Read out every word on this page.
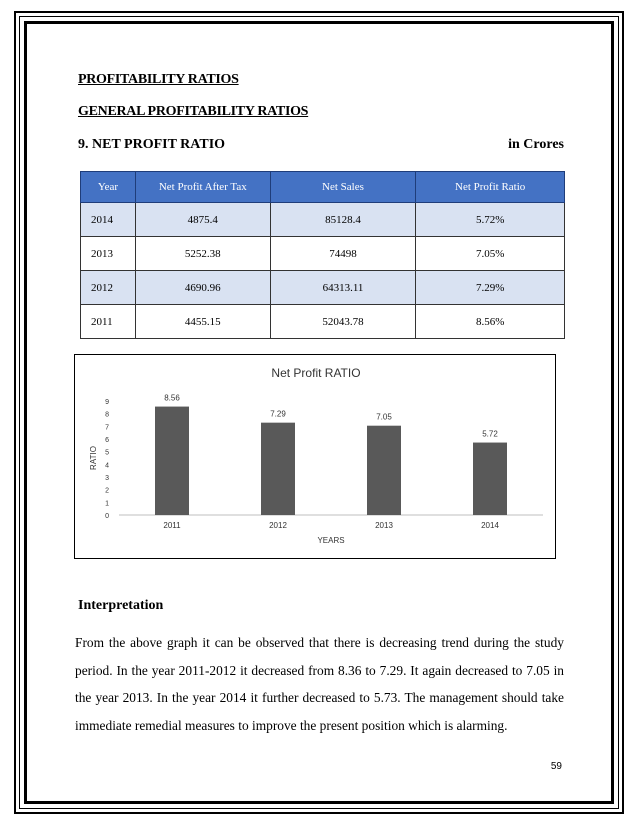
PROFITABILITY RATIOS
GENERAL PROFITABILITY RATIOS
9. NET PROFIT RATIO	in Crores
Year	Net Profit After Tax	Net Sales	Net Profit Ratio
2014	4875.4	85128.4	5.72%
2013	5252.38	74498	7.05%
2012	4690.96	64313.11	7.29%
2011	4455.15	52043.78	8.56%
Net Profit RATIO
0
1
2
3
4
5
6
7
8
9	8.56
2011
7.29
2012
7.05
2013
5.72
2014
YEARS
RATIO
Interpretation
From the above graph it can be observed that there is decreasing trend during the study period. In the year 2011-2012 it decreased from 8.36 to 7.29. It again decreased to 7.05 in the year 2013. In the year 2014 it further decreased to 5.73. The management should take immediate remedial measures to improve the present position which is alarming.
59
